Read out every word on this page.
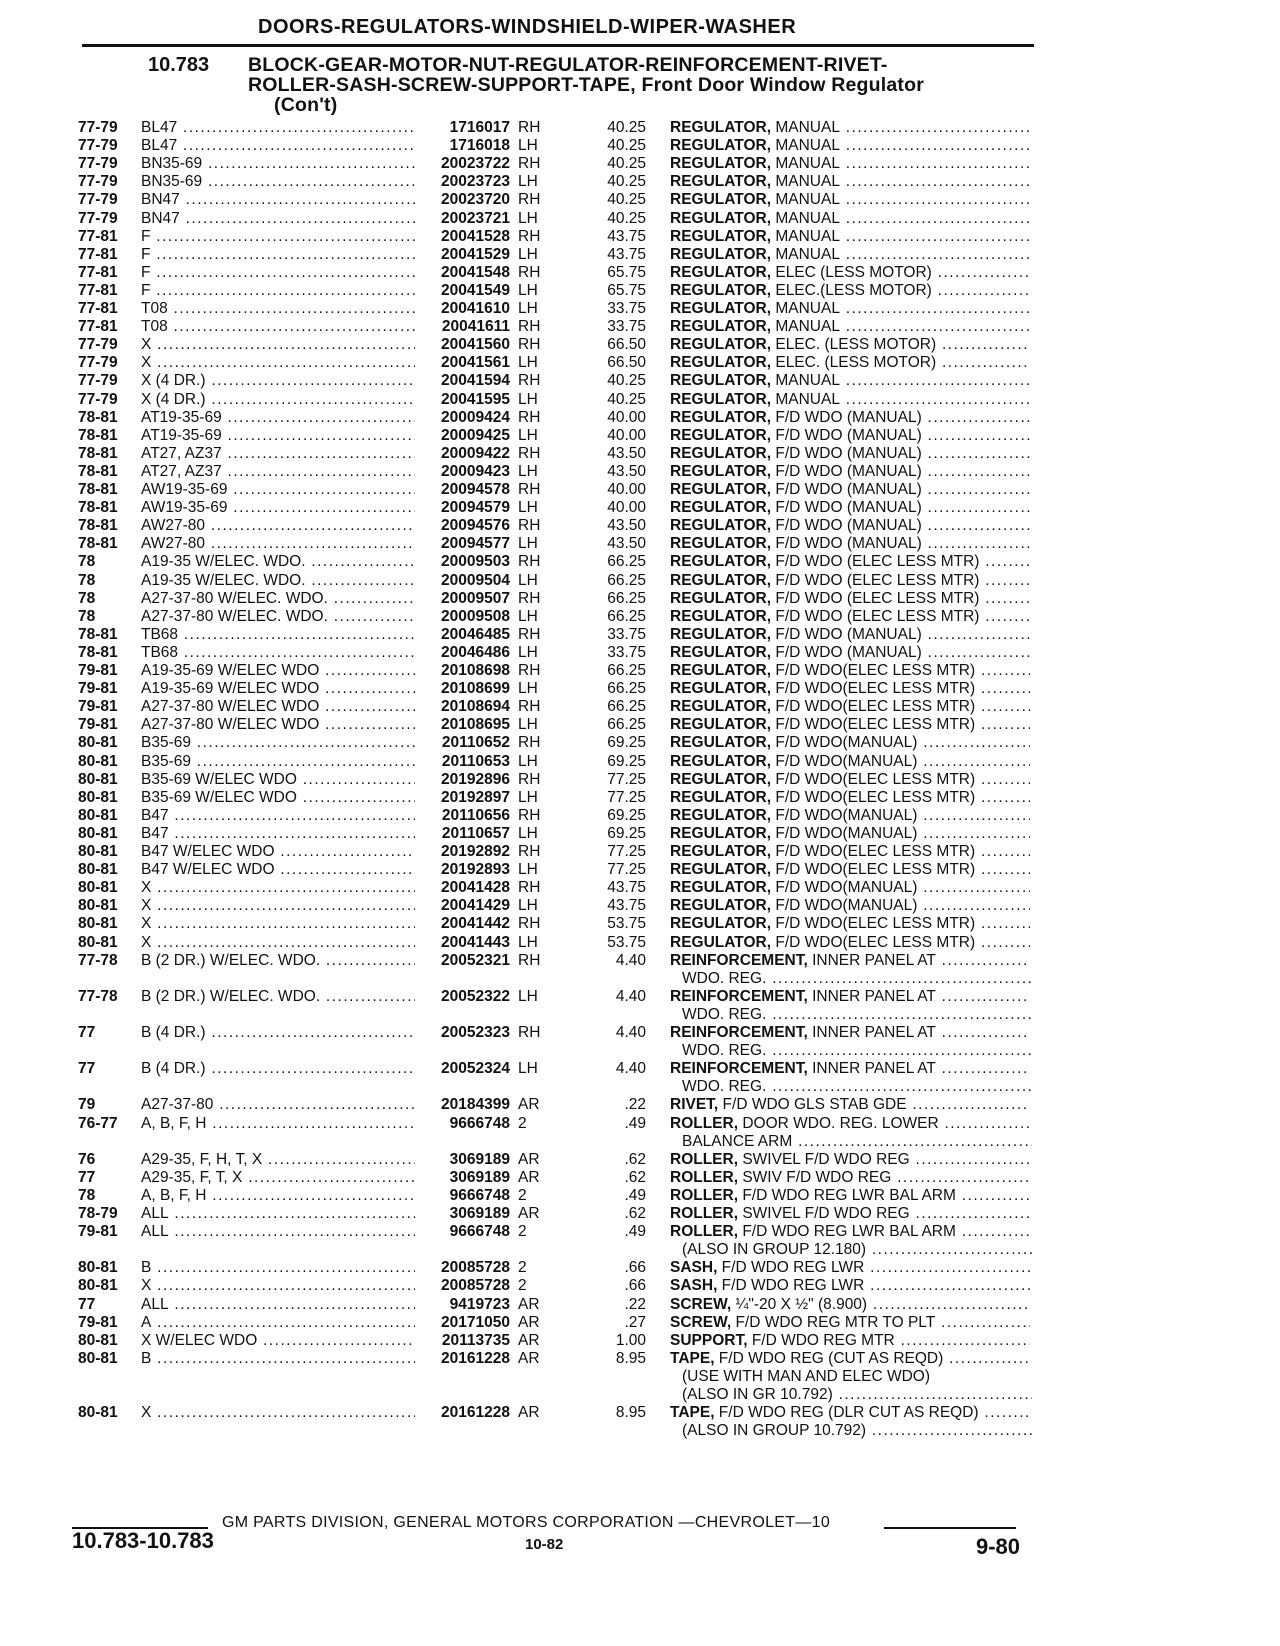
DOORS-REGULATORS-WINDSHIELD-WIPER-WASHER
10.783 BLOCK-GEAR-MOTOR-NUT-REGULATOR-REINFORCEMENT-RIVET-
ROLLER-SASH-SCREW-SUPPORT-TAPE, Front Door Window Regulator
(Con't)
77-79	BL47 .....	1716017 RH	40.25 REGULATOR, MANUAL .....
77-79	BL47 .....	1716018 LH	40.25 REGULATOR, MANUAL .....
77-79	BN35-69 .....	20023722 RH	40.25 REGULATOR, MANUAL .....
77-79	BN35-69 .....	20023723 LH	40.25 REGULATOR, MANUAL .....
77-79	BN47 .....	20023720 RH	40.25 REGULATOR, MANUAL .....
77-79	BN47 .....	20023721 LH	40.25 REGULATOR, MANUAL .....
77-81	F .....	20041528 RH	43.75 REGULATOR, MANUAL .....
77-81	F .....	20041529 LH	43.75 REGULATOR, MANUAL .....
77-81	F .....	20041548 RH	65.75 REGULATOR, ELEC (LESS MOTOR) .....
77-81	F .....	20041549 LH	65.75 REGULATOR, ELEC.(LESS MOTOR) .....
77-81	T08 .....	20041610 LH	33.75 REGULATOR, MANUAL .....
77-81	T08 .....	20041611 RH	33.75 REGULATOR, MANUAL .....
77-79	X .....	20041560 RH	66.50 REGULATOR, ELEC. (LESS MOTOR) .....
77-79	X .....	20041561 LH	66.50 REGULATOR, ELEC. (LESS MOTOR) .....
77-79	X (4 DR.) .....	20041594 RH	40.25 REGULATOR, MANUAL .....
77-79	X (4 DR.) .....	20041595 LH	40.25 REGULATOR, MANUAL .....
78-81	AT19-35-69 .....	20009424 RH	40.00 REGULATOR, F/D WDO (MANUAL) .....
78-81	AT19-35-69 .....	20009425 LH	40.00 REGULATOR, F/D WDO (MANUAL) .....
78-81	AT27, AZ37 .....	20009422 RH	43.50 REGULATOR, F/D WDO (MANUAL) .....
78-81	AT27, AZ37 .....	20009423 LH	43.50 REGULATOR, F/D WDO (MANUAL) .....
78-81	AW19-35-69 .....	20094578 RH	40.00 REGULATOR, F/D WDO (MANUAL) .....
78-81	AW19-35-69 .....	20094579 LH	40.00 REGULATOR, F/D WDO (MANUAL) .....
78-81	AW27-80 .....	20094576 RH	43.50 REGULATOR, F/D WDO (MANUAL) .....
78-81	AW27-80 .....	20094577 LH	43.50 REGULATOR, F/D WDO (MANUAL) .....
78	A19-35 W/ELEC. WDO. .....	20009503 RH	66.25 REGULATOR, F/D WDO (ELEC LESS MTR) .....
78	A19-35 W/ELEC. WDO. .....	20009504 LH	66.25 REGULATOR, F/D WDO (ELEC LESS MTR) .....
78	A27-37-80 W/ELEC. WDO. .....	20009507 RH	66.25 REGULATOR, F/D WDO (ELEC LESS MTR) .....
78	A27-37-80 W/ELEC. WDO. .....	20009508 LH	66.25 REGULATOR, F/D WDO (ELEC LESS MTR) .....
78-81	TB68 .....	20046485 RH	33.75 REGULATOR, F/D WDO (MANUAL) .....
78-81	TB68 .....	20046486 LH	33.75 REGULATOR, F/D WDO (MANUAL) .....
79-81	A19-35-69 W/ELEC WDO .....	20108698 RH	66.25 REGULATOR, F/D WDO(ELEC LESS MTR) .....
79-81	A19-35-69 W/ELEC WDO .....	20108699 LH	66.25 REGULATOR, F/D WDO(ELEC LESS MTR) .....
79-81	A27-37-80 W/ELEC WDO .....	20108694 RH	66.25 REGULATOR, F/D WDO(ELEC LESS MTR) .....
79-81	A27-37-80 W/ELEC WDO .....	20108695 LH	66.25 REGULATOR, F/D WDO(ELEC LESS MTR) .....
80-81	B35-69 .....	20110652 RH	69.25 REGULATOR, F/D WDO(MANUAL) .....
80-81	B35-69 .....	20110653 LH	69.25 REGULATOR, F/D WDO(MANUAL) .....
80-81	B35-69 W/ELEC WDO .....	20192896 RH	77.25 REGULATOR, F/D WDO(ELEC LESS MTR) .....
80-81	B35-69 W/ELEC WDO .....	20192897 LH	77.25 REGULATOR, F/D WDO(ELEC LESS MTR) .....
80-81	B47 .....	20110656 RH	69.25 REGULATOR, F/D WDO(MANUAL) .....
80-81	B47 .....	20110657 LH	69.25 REGULATOR, F/D WDO(MANUAL) .....
80-81	B47 W/ELEC WDO .....	20192892 RH	77.25 REGULATOR, F/D WDO(ELEC LESS MTR) .....
80-81	B47 W/ELEC WDO .....	20192893 LH	77.25 REGULATOR, F/D WDO(ELEC LESS MTR) .....
80-81	X .....	20041428 RH	43.75 REGULATOR, F/D WDO(MANUAL) .....
80-81	X .....	20041429 LH	43.75 REGULATOR, F/D WDO(MANUAL) .....
80-81	X .....	20041442 RH	53.75 REGULATOR, F/D WDO(ELEC LESS MTR) .....
80-81	X .....	20041443 LH	53.75 REGULATOR, F/D WDO(ELEC LESS MTR) .....
77-78	B (2 DR.) W/ELEC. WDO. .....	20052321 RH	4.40 REINFORCEMENT, INNER PANEL AT .....
WDO. REG. .....
77-78	B (2 DR.) W/ELEC. WDO. .....	20052322 LH	4.40 REINFORCEMENT, INNER PANEL AT .....
WDO. REG. .....
77	B (4 DR.) .....	20052323 RH	4.40 REINFORCEMENT, INNER PANEL AT .....
WDO. REG. .....
77	B (4 DR.) .....	20052324 LH	4.40 REINFORCEMENT, INNER PANEL AT .....
WDO. REG. .....
79	A27-37-80 .....	20184399 AR	.22 RIVET, F/D WDO GLS STAB GDE .....
76-77	A, B, F, H .....	9666748 2	.49 ROLLER, DOOR WDO. REG. LOWER .....
BALANCE ARM .....
76	A29-35, F, H, T, X .....	3069189 AR	.62 ROLLER, SWIVEL F/D WDO REG .....
77	A29-35, F, T, X .....	3069189 AR	.62 ROLLER, SWIV F/D WDO REG .....
78	A, B, F, H .....	9666748 2	.49 ROLLER, F/D WDO REG LWR BAL ARM .....
78-79	ALL .....	3069189 AR	.62 ROLLER, SWIVEL F/D WDO REG .....
79-81	ALL .....	9666748 2	.49 ROLLER, F/D WDO REG LWR BAL ARM .....
(ALSO IN GROUP 12.180) .....
80-81	B .....	20085728 2	.66 SASH, F/D WDO REG LWR .....
80-81	X .....	20085728 2	.66 SASH, F/D WDO REG LWR .....
77	ALL .....	9419723 AR	.22 SCREW, ¼"-20 X ½" (8.900) .....
79-81	A .....	20171050 AR	.27 SCREW, F/D WDO REG MTR TO PLT .....
80-81	X W/ELEC WDO .....	20113735 AR	1.00 SUPPORT, F/D WDO REG MTR .....
80-81	B .....	20161228 AR	8.95 TAPE, F/D WDO REG (CUT AS REQD) .....
(USE WITH MAN AND ELEC WDO)
(ALSO IN GR 10.792) .....
80-81	X .....	20161228 AR	8.95 TAPE, F/D WDO REG (DLR CUT AS REQD) .....
(ALSO IN GROUP 10.792) .....
GM PARTS DIVISION, GENERAL MOTORS CORPORATION —CHEVROLET—10
10.783-10.783	10-82	9-80
